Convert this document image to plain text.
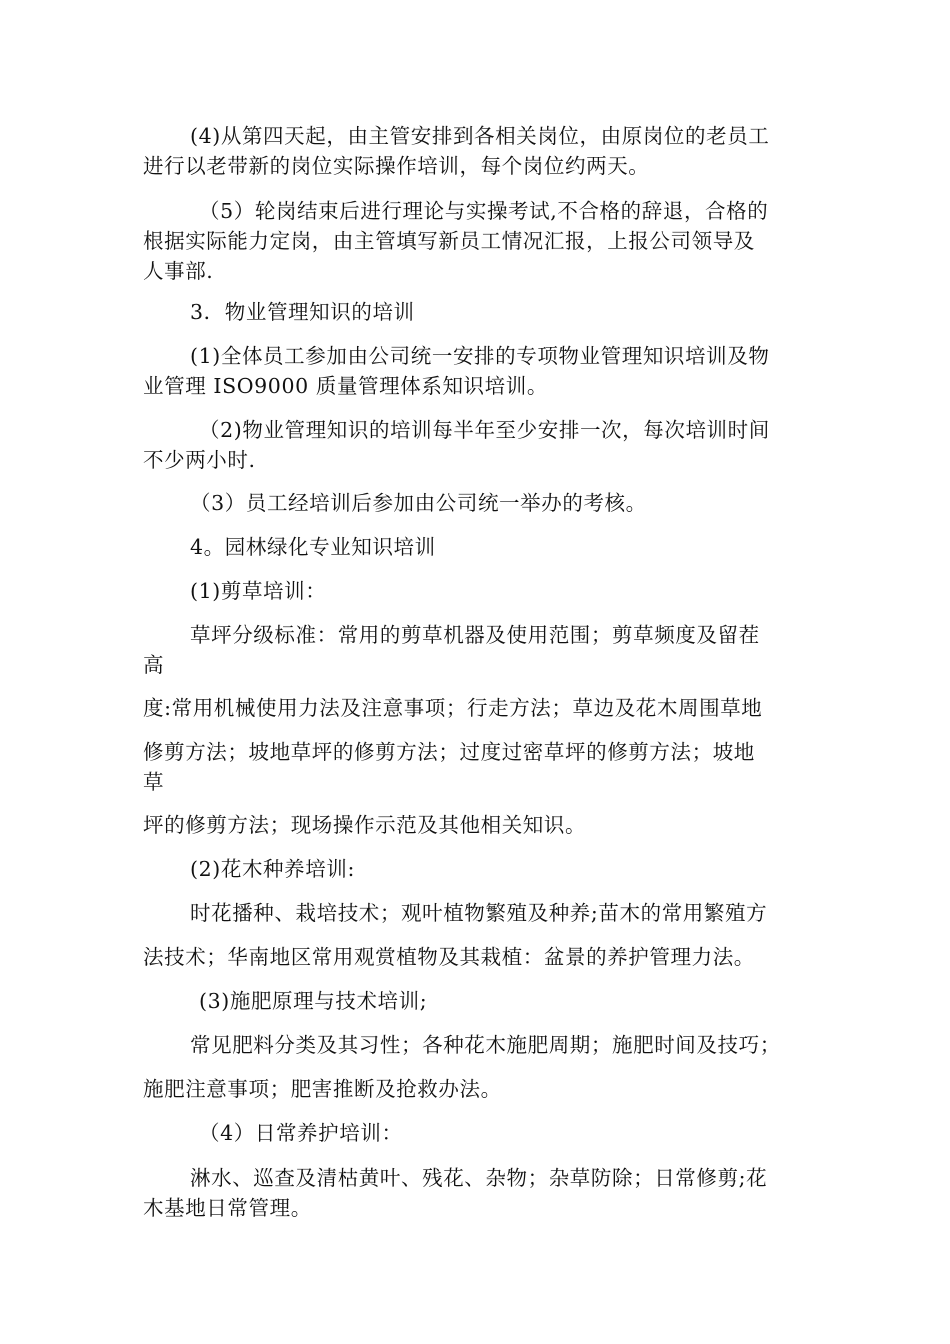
(4)从第四天起，由主管安排到各相关岗位，由原岗位的老员工
进行以老带新的岗位实际操作培训，每个岗位约两天。

（5）轮岗结束后进行理论与实操考试,不合格的辞退，合格的
根据实际能力定岗，由主管填写新员工情况汇报，上报公司领导及
人事部.

3．物业管理知识的培训

(1)全体员工参加由公司统一安排的专项物业管理知识培训及物
业管理 ISO9000 质量管理体系知识培训。

（2)物业管理知识的培训每半年至少安排一次，每次培训时间
不少两小时.

（3）员工经培训后参加由公司统一举办的考核。

4。园林绿化专业知识培训

(1)剪草培训：

草坪分级标准：常用的剪草机器及使用范围；剪草频度及留茬
高

度:常用机械使用力法及注意事项；行走方法；草边及花木周围草地

修剪方法；坡地草坪的修剪方法；过度过密草坪的修剪方法；坡地
草

坪的修剪方法；现场操作示范及其他相关知识。

(2)花木种养培训:

时花播种、栽培技术；观叶植物繁殖及种养;苗木的常用繁殖方

法技术；华南地区常用观赏植物及其栽植：盆景的养护管理力法。

(3)施肥原理与技术培训;

常见肥料分类及其习性；各种花木施肥周期；施肥时间及技巧；

施肥注意事项；肥害推断及抢救办法。

（4）日常养护培训：

淋水、巡查及清枯黄叶、残花、杂物；杂草防除；日常修剪;花
木基地日常管理。
